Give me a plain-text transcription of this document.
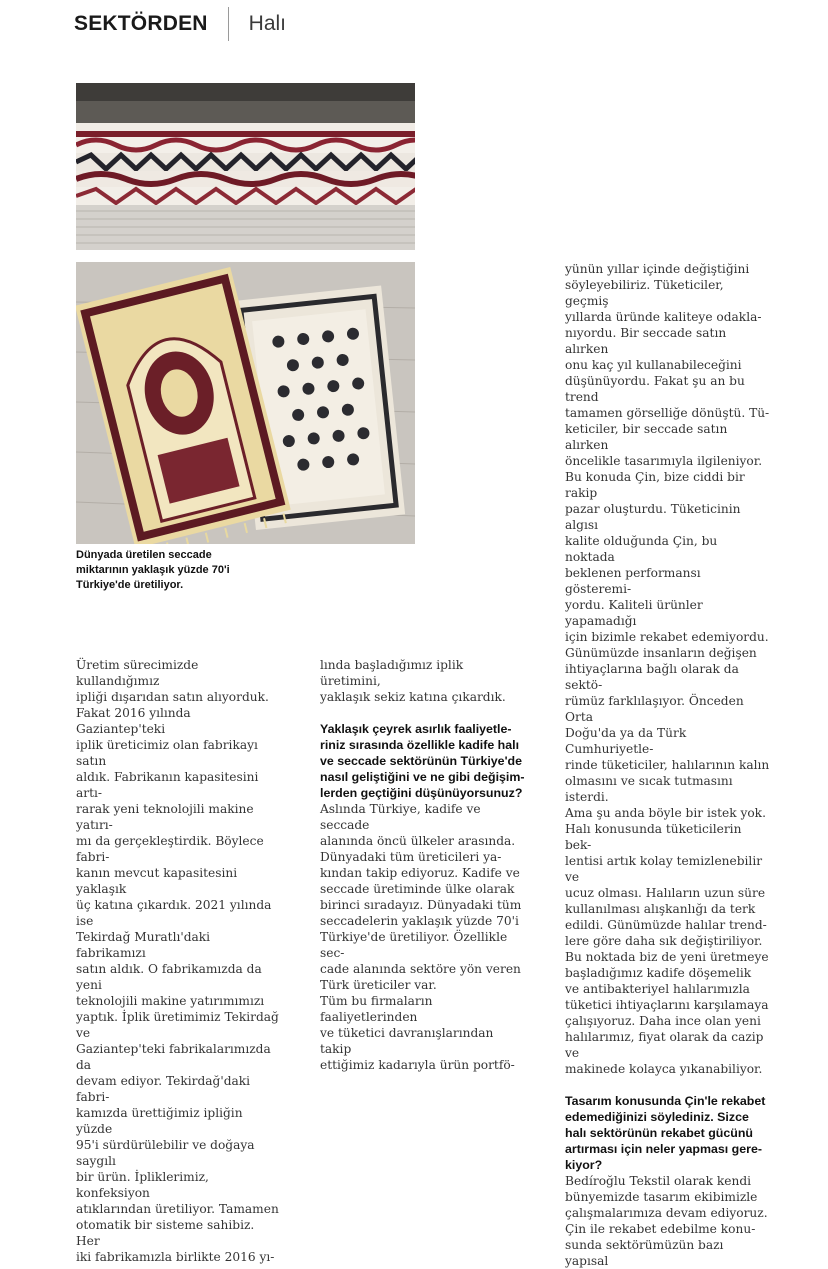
SEKTÖRDEN Halı
Dünyada üretilen seccade
miktarının yaklaşık yüzde 70'i
Türkiye'de üretiliyor.

Üretim sürecimizde kullandığımız

ipliği dışarıdan satın alıyorduk.

Fakat 2016 yılında Gaziantep'teki

iplik üreticimiz olan fabrikayı satın

aldık. Fabrikanın kapasitesini artı-

rarak yeni teknolojili makine yatırı-

mı da gerçekleştirdik. Böylece fabri-

kanın mevcut kapasitesini yaklaşık

üç katına çıkardık. 2021 yılında ise

Tekirdağ Muratlı'daki fabrikamızı

satın aldık. O fabrikamızda da yeni

teknolojili makine yatırımımızı

yaptık. İplik üretimimiz Tekirdağ ve

Gaziantep'teki fabrikalarımızda da

devam ediyor. Tekirdağ'daki fabri-

kamızda ürettiğimiz ipliğin yüzde

95'i sürdürülebilir ve doğaya saygılı

bir ürün. İpliklerimiz, konfeksiyon

atıklarından üretiliyor. Tamamen

otomatik bir sisteme sahibiz. Her

iki fabrikamızla birlikte 2016 yı-

lında başladığımız iplik üretimini,

yaklaşık sekiz katına çıkardık.

Yaklaşık çeyrek asırlık faaliyetle-

riniz sırasında özellikle kadife halı

ve seccade sektörünün Türkiye'de

nasıl geliştiğini ve ne gibi değişim-

lerden geçtiğini düşünüyorsunuz?

Aslında Türkiye, kadife ve seccade

alanında öncü ülkeler arasında.

Dünyadaki tüm üreticileri ya-

kından takip ediyoruz. Kadife ve

seccade üretiminde ülke olarak

birinci sıradayız. Dünyadaki tüm

seccadelerin yaklaşık yüzde 70'i

Türkiye'de üretiliyor. Özellikle sec-

cade alanında sektöre yön veren

Türk üreticiler var.

Tüm bu firmaların faaliyetlerinden

ve tüketici davranışlarından takip

ettiğimiz kadarıyla ürün portfö-

yünün yıllar içinde değiştiğini

söyleyebiliriz. Tüketiciler, geçmiş

yıllarda üründe kaliteye odakla-

nıyordu. Bir seccade satın alırken

onu kaç yıl kullanabileceğini

düşünüyordu. Fakat şu an bu trend

tamamen görselliğe dönüştü. Tü-

keticiler, bir seccade satın alırken

öncelikle tasarımıyla ilgileniyor.

Bu konuda Çin, bize ciddi bir rakip

pazar oluşturdu. Tüketicinin algısı

kalite olduğunda Çin, bu noktada

beklenen performansı gösteremi-

yordu. Kaliteli ürünler yapamadığı

için bizimle rekabet edemiyordu.

Günümüzde insanların değişen

ihtiyaçlarına bağlı olarak da sektö-

rümüz farklılaşıyor. Önceden Orta

Doğu'da ya da Türk Cumhuriyetle-

rinde tüketiciler, halılarının kalın

olmasını ve sıcak tutmasını isterdi.

Ama şu anda böyle bir istek yok.

Halı konusunda tüketicilerin bek-

lentisi artık kolay temizlenebilir ve

ucuz olması. Halıların uzun süre

kullanılması alışkanlığı da terk

edildi. Günümüzde halılar trend-

lere göre daha sık değiştiriliyor.

Bu noktada biz de yeni üretmeye

başladığımız kadife döşemelik

ve antibakteriyel halılarımızla

tüketici ihtiyaçlarını karşılamaya

çalışıyoruz. Daha ince olan yeni

halılarımız, fiyat olarak da cazip ve

makinede kolayca yıkanabiliyor.

Tasarım konusunda Çin'le rekabet

edemediğinizi söylediniz. Sizce

halı sektörünün rekabet gücünü

artırması için neler yapması gere-

kiyor?

Bedíroğlu Tekstil olarak kendi

bünyemizde tasarım ekibimizle

çalışmalarımıza devam ediyoruz.

Çin ile rekabet edebilme konu-

sunda sektörümüzün bazı yapısal
